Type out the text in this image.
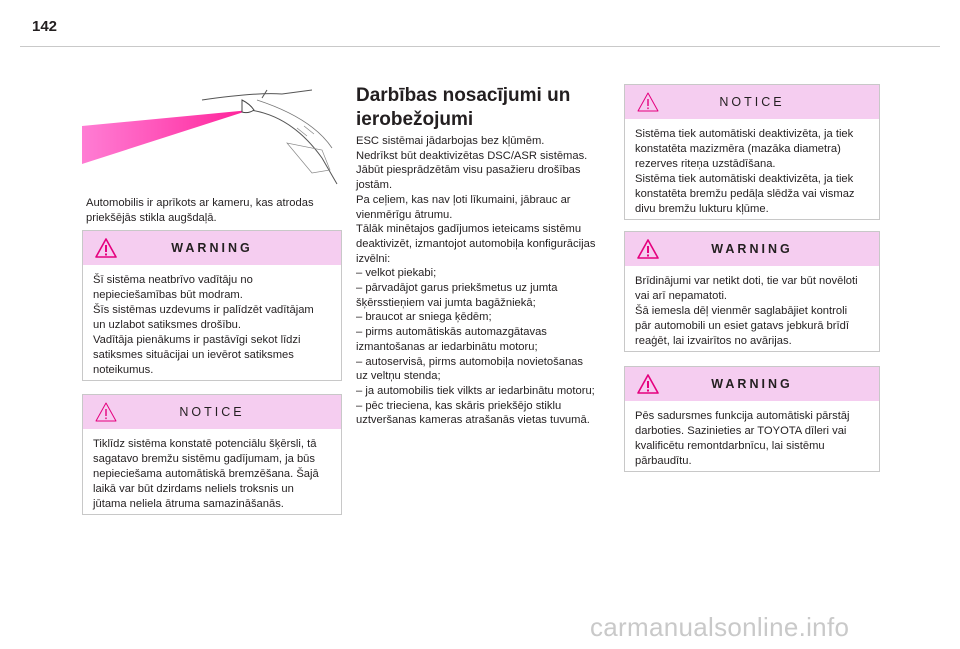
142
Automobilis ir aprīkots ar kameru, kas atrodas priekšējās stikla augšdaļā.
WARNING

Šī sistēma neatbrīvo vadītāju no

nepieciešamības būt modram.

Šīs sistēmas uzdevums ir palīdzēt vadītājam

un uzlabot satiksmes drošību.

Vadītāja pienākums ir pastāvīgi sekot līdzi

satiksmes situācijai un ievērot satiksmes

noteikumus.

NOTICE

Tiklīdz sistēma konstatē potenciālu šķērsli, tā

sagatavo bremžu sistēmu gadījumam, ja būs

nepieciešama automātiskā bremzēšana. Šajā

laikā var būt dzirdams neliels troksnis un

jūtama neliela ātruma samazināšanās.

Darbības nosacījumi un
ierobežojumi

ESC sistēmai jādarbojas bez kļūmēm.

Nedrīkst būt deaktivizētas DSC/ASR sistēmas.

Jābūt piesprādzētām visu pasažieru drošības

jostām.

Pa ceļiem, kas nav ļoti līkumaini, jābrauc ar

vienmērīgu ātrumu.

Tālāk minētajos gadījumos ieteicams sistēmu

deaktivizēt, izmantojot automobiļa konfigurācijas

izvēlni:

– velkot piekabi;

– pārvadājot garus priekšmetus uz jumta

šķērsstieņiem vai jumta bagāžniekā;

– braucot ar sniega ķēdēm;

– pirms automātiskās automazgātavas

izmantošanas ar iedarbinātu motoru;

– autoservisā, pirms automobiļa novietošanas

uz veltņu stenda;

– ja automobilis tiek vilkts ar iedarbinātu motoru;

– pēc trieciena, kas skāris priekšējo stiklu

uztveršanas kameras atrašanās vietas tuvumā.

NOTICE

Sistēma tiek automātiski deaktivizēta, ja tiek

konstatēta mazizmēra (mazāka diametra)

rezerves riteņa uzstādīšana.

Sistēma tiek automātiski deaktivizēta, ja tiek

konstatēta bremžu pedāļa slēdža vai vismaz

divu bremžu lukturu kļūme.

WARNING

Brīdinājumi var netikt doti, tie var būt novēloti

vai arī nepamatoti.

Šā iemesla dēļ vienmēr saglabājiet kontroli

pār automobili un esiet gatavs jebkurā brīdī

reaģēt, lai izvairītos no avārijas.

WARNING

Pēs sadursmes funkcija automātiski pārstāj

darboties. Sazinieties ar TOYOTA dīleri vai

kvalificētu remontdarbnīcu, lai sistēmu

pārbaudītu.

carmanualsonline.info
